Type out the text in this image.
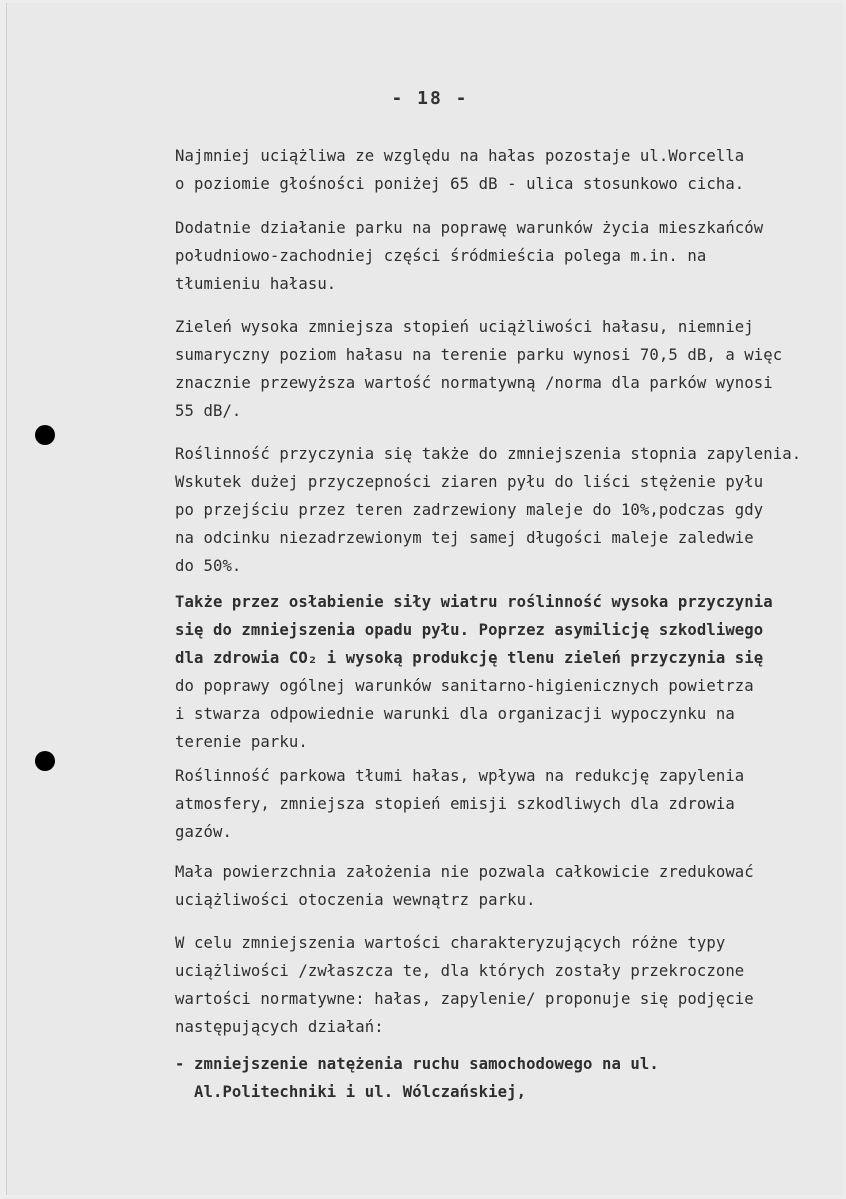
- 18 -
Najmniej uciążliwa ze względu na hałas pozostaje ul.Worcella
o poziomie głośności poniżej 65 dB - ulica stosunkowo cicha.
Dodatnie działanie parku na poprawę warunków życia mieszkańców
południowo-zachodniej części śródmieścia polega m.in. na
tłumieniu hałasu.
Zieleń wysoka zmniejsza stopień uciążliwości hałasu, niemniej
sumaryczny poziom hałasu na terenie parku wynosi 70,5 dB, a więc
znacznie przewyższa wartość normatywną /norma dla parków wynosi
55 dB/.
Roślinność przyczynia się także do zmniejszenia stopnia zapylenia.
Wskutek dużej przyczepności ziaren pyłu do liści stężenie pyłu
po przejściu przez teren zadrzewiony maleje do 10%,podczas gdy
na odcinku niezadrzewionym tej samej długości maleje zaledwie
do 50%.
Także przez osłabienie siły wiatru roślinność wysoka przyczynia
się do zmniejszenia opadu pyłu. Poprzez asymilicję szkodliwego
dla zdrowia CO₂ i wysoką produkcję tlenu zieleń przyczynia się
do poprawy ogólnej warunków sanitarno-higienicznych powietrza
i stwarza odpowiednie warunki dla organizacji wypoczynku na
terenie parku.
Roślinność parkowa tłumi hałas, wpływa na redukcję zapylenia
atmosfery, zmniejsza stopień emisji szkodliwych dla zdrowia
gazów.
Mała powierzchnia założenia nie pozwala całkowicie zredukować
uciążliwości otoczenia wewnątrz parku.
W celu zmniejszenia wartości charakteryzujących różne typy
uciążliwości /zwłaszcza te, dla których zostały przekroczone
wartości normatywne: hałas, zapylenie/ proponuje się podjęcie
następujących działań:
- zmniejszenie natężenia ruchu samochodowego na ul.
Al.Politechniki i ul. Wólczańskiej,
